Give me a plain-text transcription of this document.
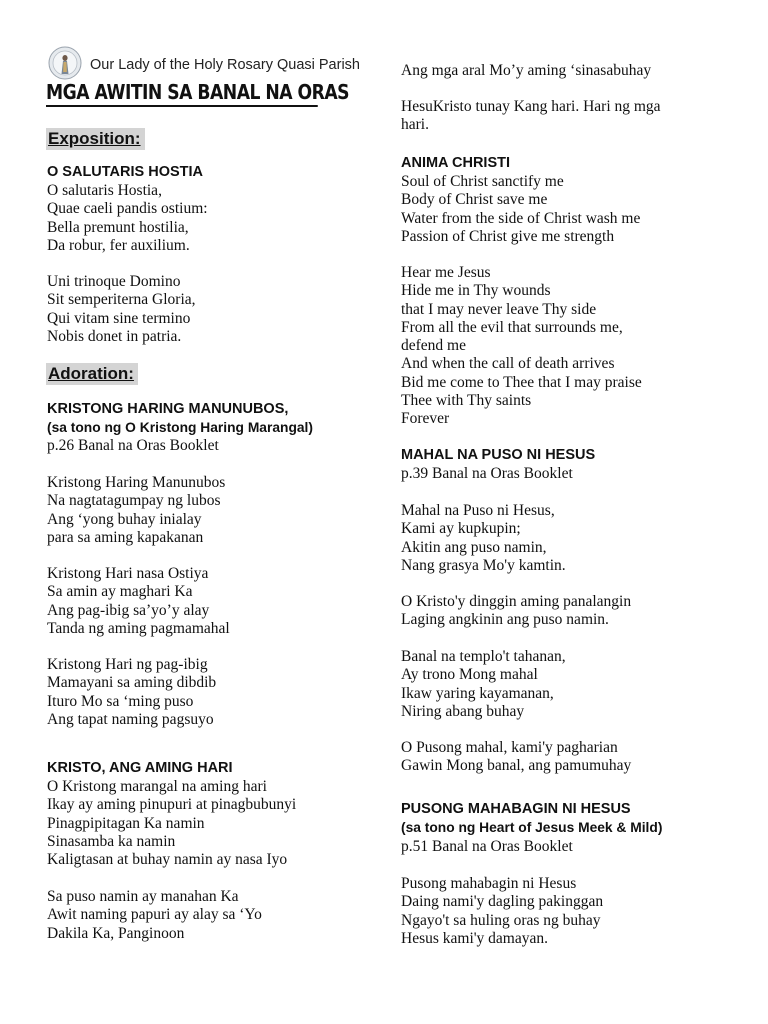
Our Lady of the Holy Rosary Quasi Parish
MGA AWITIN SA BANAL NA ORAS
Exposition:
O SALUTARIS HOSTIA
O salutaris Hostia,
Quae caeli pandis ostium:
Bella premunt hostilia,
Da robur, fer auxilium.
Uni trinoque Domino
Sit semperiterna Gloria,
Qui vitam sine termino
Nobis donet in patria.
Adoration:
KRISTONG HARING MANUNUBOS,
(sa tono ng O Kristong Haring Marangal)
p.26 Banal na Oras Booklet
Kristong Haring Manunubos
Na nagtatagumpay ng lubos
Ang ‘yong buhay inialay
para sa aming kapakanan
Kristong Hari nasa Ostiya
Sa amin ay maghari Ka
Ang pag-ibig sa’yo’y alay
Tanda ng aming pagmamahal
Kristong Hari ng pag-ibig
Mamayani sa aming dibdib
Ituro Mo sa ‘ming puso
Ang tapat naming pagsuyo
KRISTO, ANG AMING HARI
O Kristong marangal na aming hari
Ikay ay aming pinupuri at pinagbubunyi
Pinagpipitagan Ka namin
Sinasamba ka namin
Kaligtasan at buhay namin ay nasa Iyo
Sa puso namin ay manahan Ka
Awit naming papuri ay alay sa ‘Yo
Dakila Ka, Panginoon
Ang mga aral Mo’y aming ‘sinasabuhay
HesuKristo tunay Kang hari. Hari ng mga
hari.
ANIMA CHRISTI
Soul of Christ sanctify me
Body of Christ save me
Water from the side of Christ wash me
Passion of Christ give me strength
Hear me Jesus
Hide me in Thy wounds
that I may never leave Thy side
From all the evil that surrounds me,
defend me
And when the call of death arrives
Bid me come to Thee that I may praise
Thee with Thy saints
Forever
MAHAL NA PUSO NI HESUS
p.39 Banal na Oras Booklet
Mahal na Puso ni Hesus,
Kami ay kupkupin;
Akitin ang puso namin,
Nang grasya Mo'y kamtin.
O Kristo'y dinggin aming panalangin
Laging angkinin ang puso namin.
Banal na templo't tahanan,
Ay trono Mong mahal
Ikaw yaring kayamanan,
Niring abang buhay
O Pusong mahal, kami'y pagharian
Gawin Mong banal, ang pamumuhay
PUSONG MAHABAGIN NI HESUS
(sa tono ng Heart of Jesus Meek & Mild)
p.51 Banal na Oras Booklet
Pusong mahabagin ni Hesus
Daing nami'y dagling pakinggan
Ngayo't sa huling oras ng buhay
Hesus kami'y damayan.
